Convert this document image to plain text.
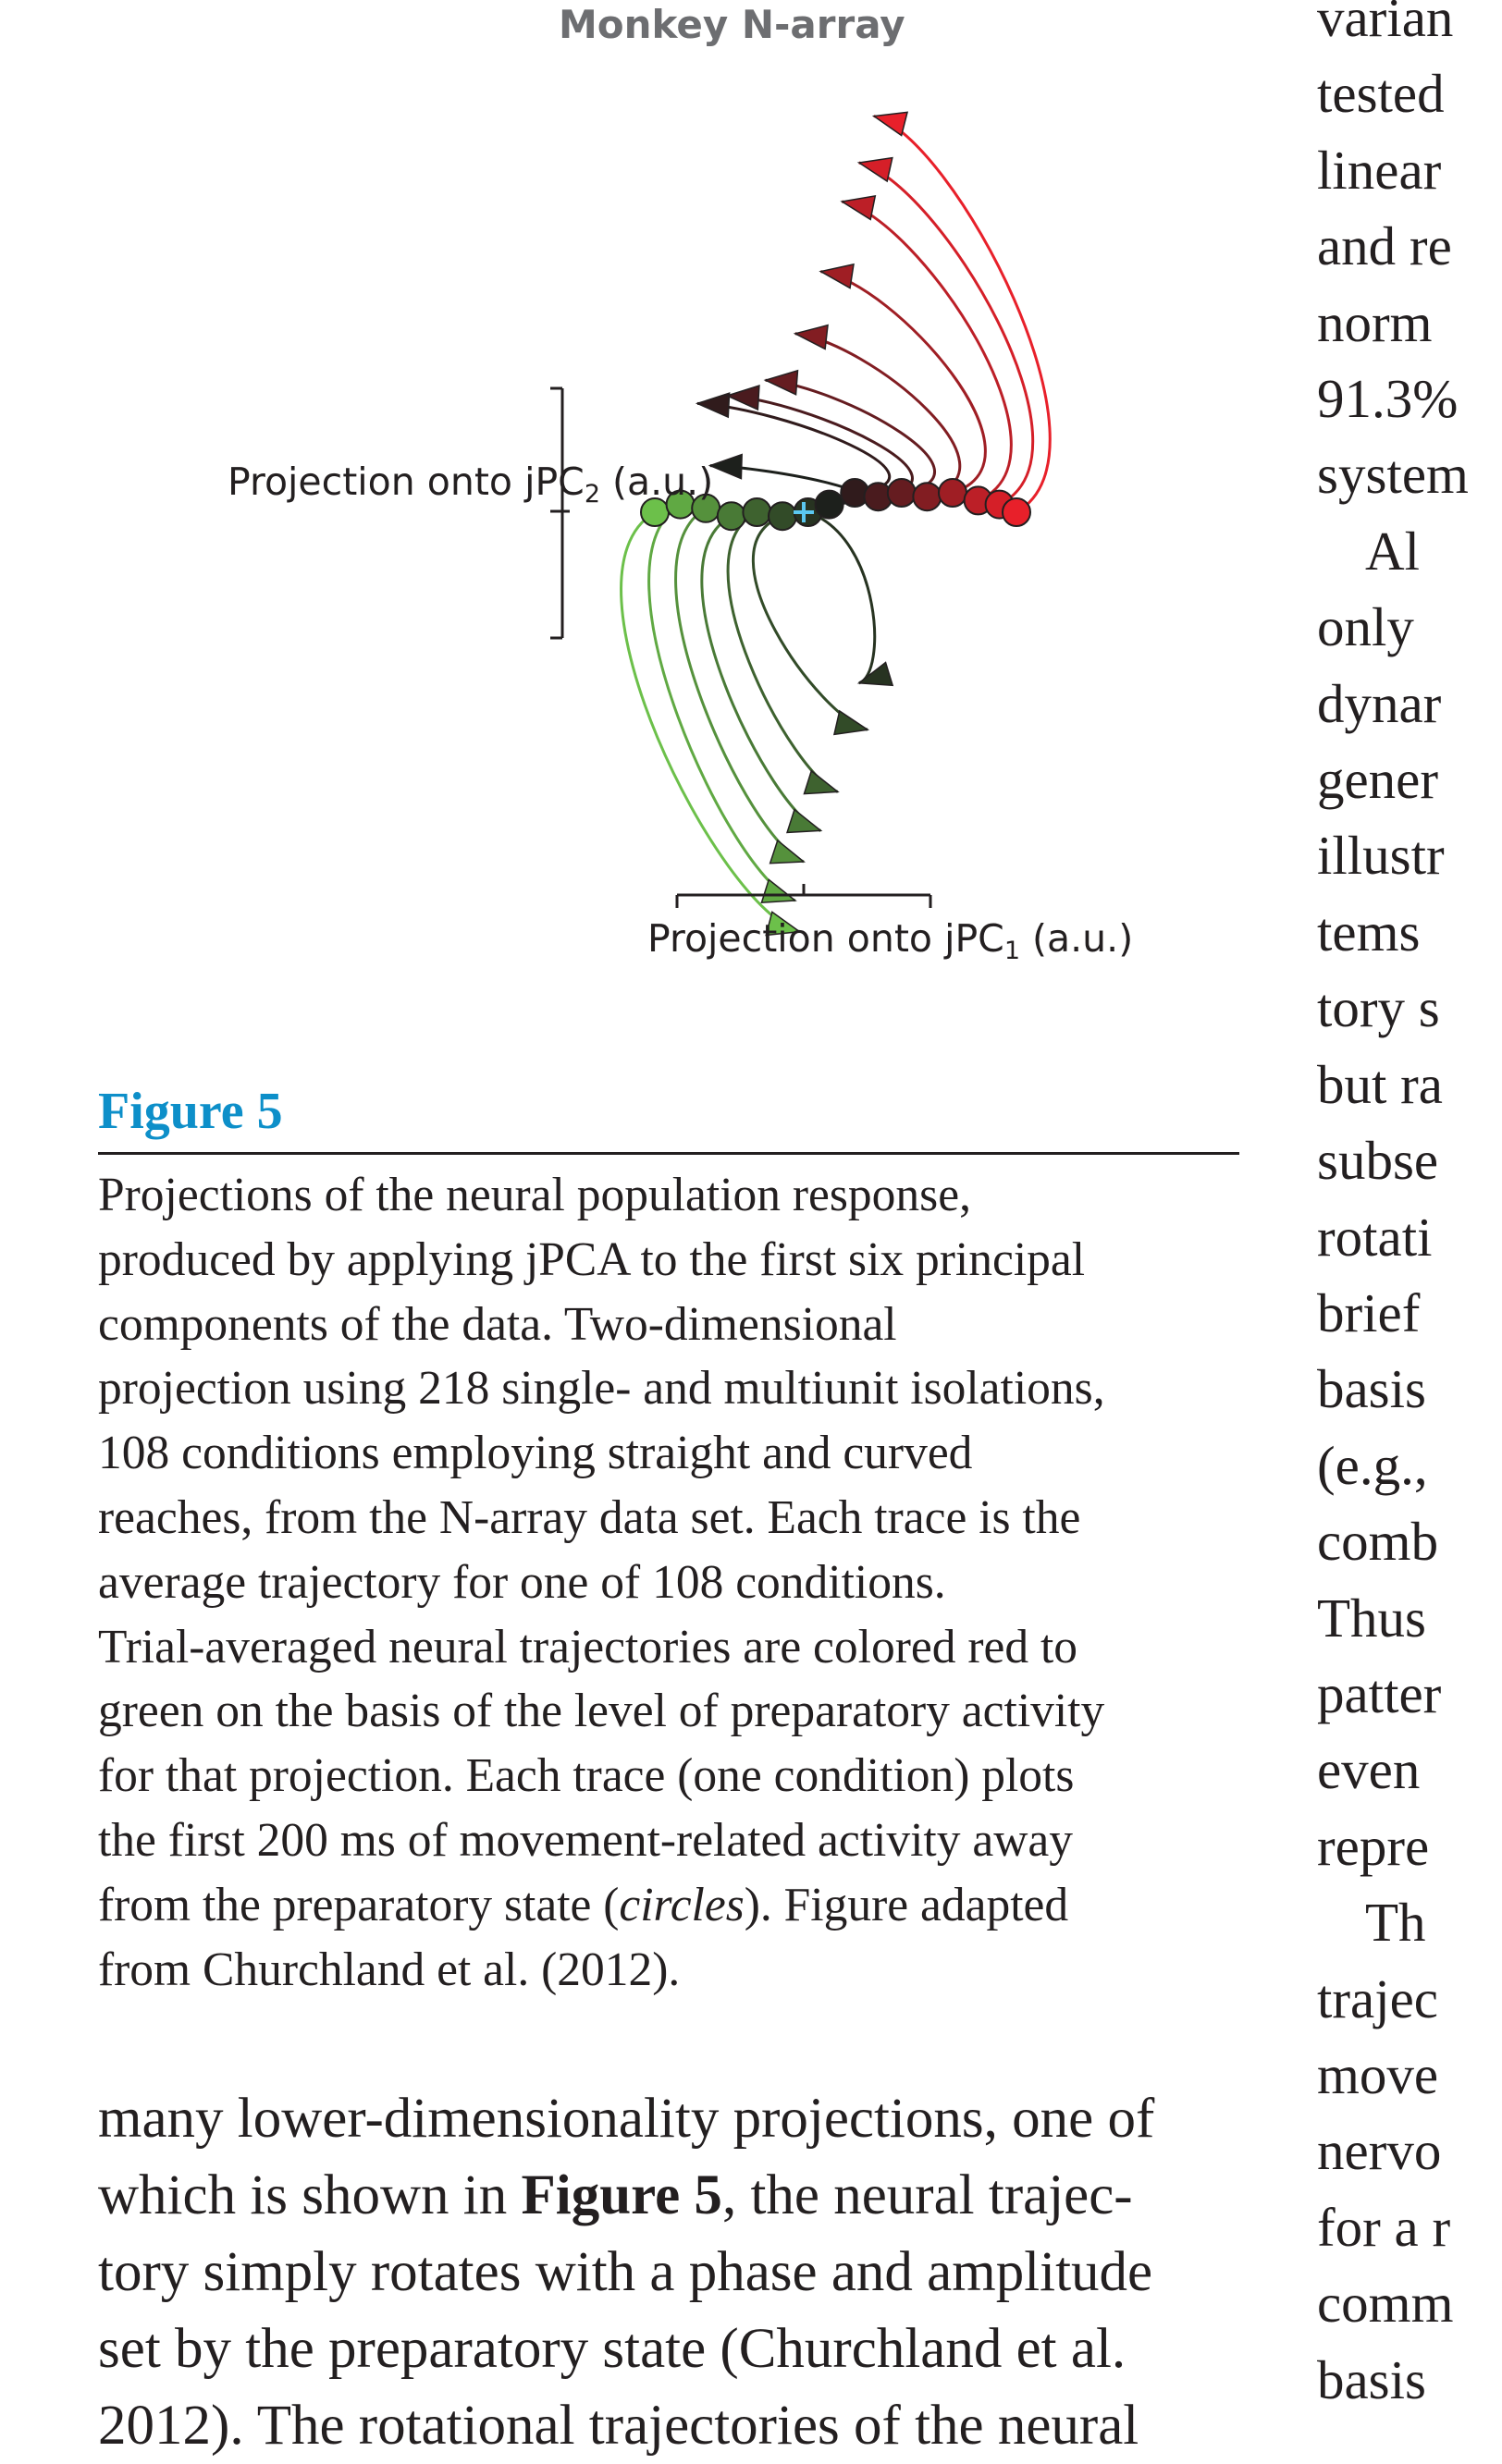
Monkey N-array
Projection onto jPC$_2$ (a.u.)
Projection onto jPC$_1$ (a.u.)
Figure 5
Projections of the neural population response,
produced by applying jPCA to the first six principal
components of the data. Two-dimensional
projection using 218 single- and multiunit isolations,
108 conditions employing straight and curved
reaches, from the N-array data set. Each trace is the
average trajectory for one of 108 conditions.
Trial-averaged neural trajectories are colored red to
green on the basis of the level of preparatory activity
for that projection. Each trace (one condition) plots
the first 200 ms of movement-related activity away
from the preparatory state (circles). Figure adapted
from Churchland et al. (2012).
many lower-dimensionality projections, one of
which is shown in Figure 5, the neural trajec-
tory simply rotates with a phase and amplitude
set by the preparatory state (Churchland et al.
2012). The rotational trajectories of the neural
varian
tested
linear
and re
norm
91.3%
system
Al
only
dynar
gener
illustr
tems
tory s
but ra
subse
rotati
brief
basis
(e.g.,
comb
Thus
patter
even
repre
Th
trajec
move
nervo
for a r
comm
basis
